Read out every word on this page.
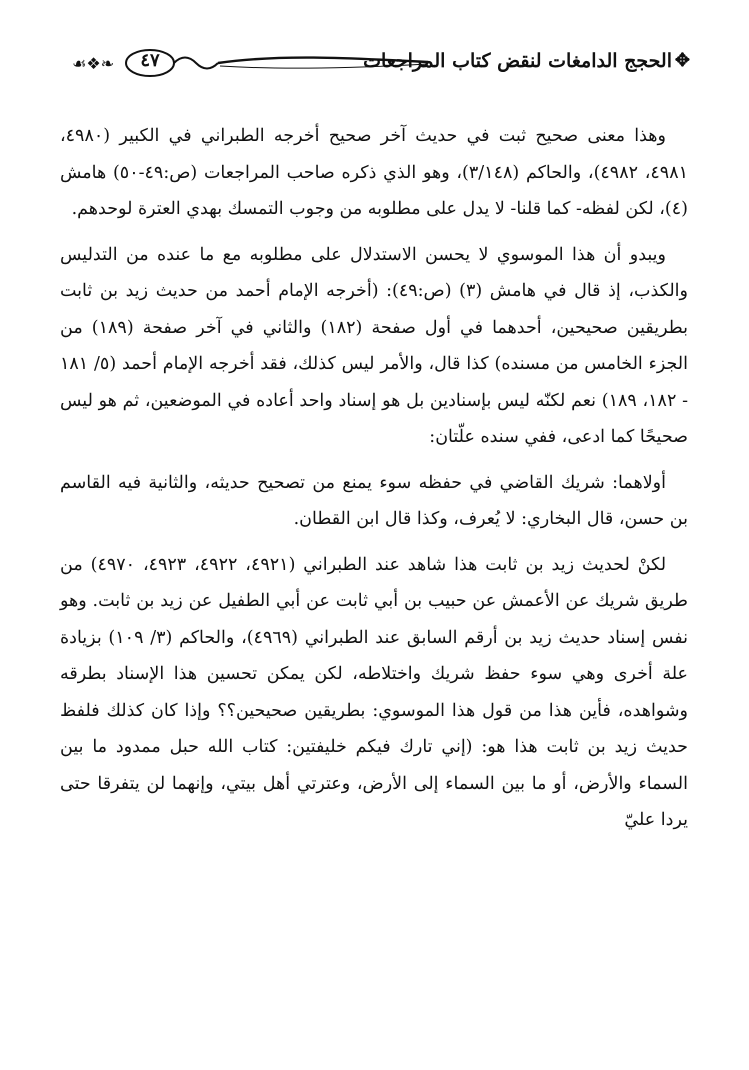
✥
الحجج الدامغات لنقض كتاب المراجعات
☙❖❧	٤٧

وهذا معنى صحيح ثبت في حديث آخر صحيح أخرجه الطبراني في الكبير (٤٩٨٠، ٤٩٨١، ٤٩٨٢)، والحاكم (٣/١٤٨)، وهو الذي ذكره صاحب المراجعات (ص:٤٩-٥٠) هامش (٤)، لكن لفظه- كما قلنا- لا يدل على مطلوبه من وجوب التمسك بهدي العترة لوحدهم.

ويبدو أن هذا الموسوي لا يحسن الاستدلال على مطلوبه مع ما عنده من التدليس والكذب، إذ قال في هامش (٣) (ص:٤٩): (أخرجه الإمام أحمد من حديث زيد بن ثابت بطريقين صحيحين، أحدهما في أول صفحة (١٨٢) والثاني في آخر صفحة (١٨٩) من الجزء الخامس من مسنده) كذا قال، والأمر ليس كذلك، فقد أخرجه الإمام أحمد (٥/ ١٨١ - ١٨٢، ١٨٩) نعم لكنّه ليس بإسنادين بل هو إسناد واحد أعاده في الموضعين، ثم هو ليس صحيحًا كما ادعى، ففي سنده علّتان:

أولاهما: شريك القاضي في حفظه سوء يمنع من تصحيح حديثه، والثانية فيه القاسم بن حسن، قال البخاري: لا يُعرف، وكذا قال ابن القطان.

لكنْ لحديث زيد بن ثابت هذا شاهد عند الطبراني (٤٩٢١، ٤٩٢٢، ٤٩٢٣، ٤٩٧٠) من طريق شريك عن الأعمش عن حبيب بن أبي ثابت عن أبي الطفيل عن زيد بن ثابت. وهو نفس إسناد حديث زيد بن أرقم السابق عند الطبراني (٤٩٦٩)، والحاكم (٣/ ١٠٩) بزيادة علة أخرى وهي سوء حفظ شريك واختلاطه، لكن يمكن تحسين هذا الإسناد بطرقه وشواهده، فأين هذا من قول هذا الموسوي: بطريقين صحيحين؟؟ وإذا كان كذلك فلفظ حديث زيد بن ثابت هذا هو: (إني تارك فيكم خليفتين: كتاب الله حبل ممدود ما بين السماء والأرض، أو ما بين السماء إلى الأرض، وعترتي أهل بيتي، وإنهما لن يتفرقا حتى يردا عليّ
